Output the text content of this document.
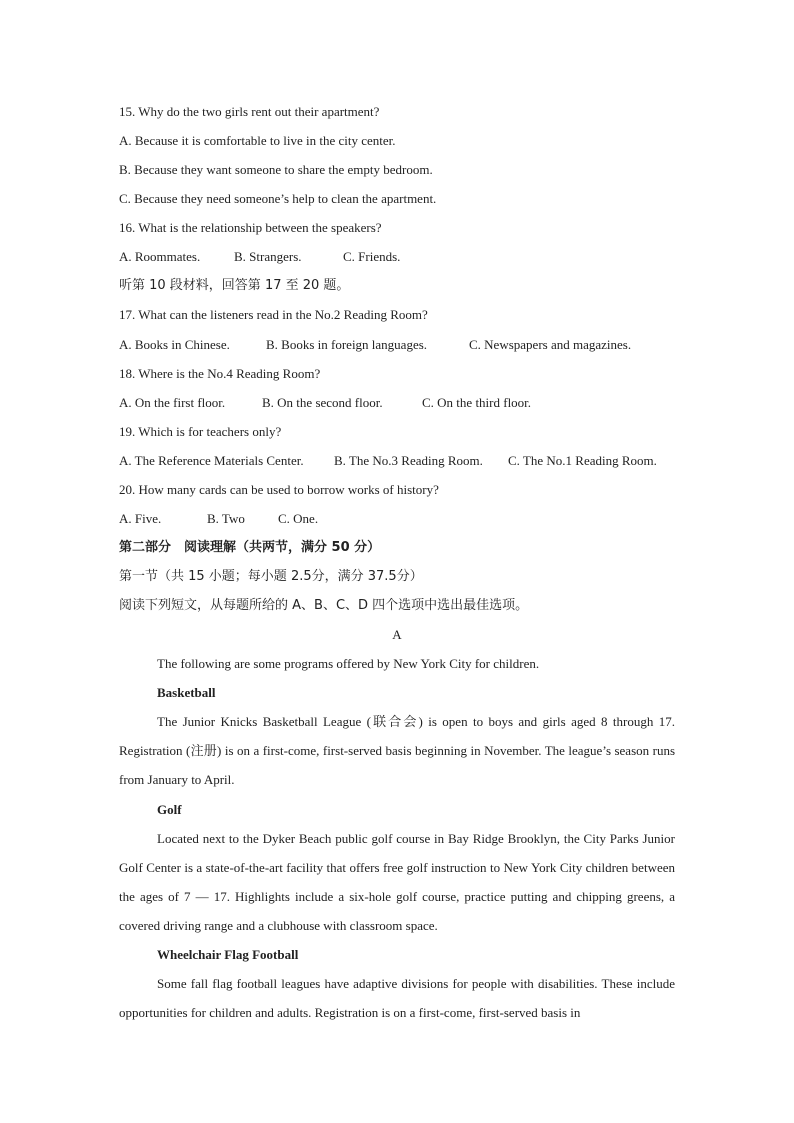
15. Why do the two girls rent out their apartment?
A. Because it is comfortable to live in the city center.
B. Because they want someone to share the empty bedroom.
C. Because they need someone’s help to clean the apartment.
16. What is the relationship between the speakers?
A. Roommates.	B. Strangers.	C. Friends.
听第 10 段材料，回答第 17 至 20 题。
17. What can the listeners read in the No.2 Reading Room?
A. Books in Chinese.	B. Books in foreign languages.	C. Newspapers and magazines.
18. Where is the No.4 Reading Room?
A. On the first floor.	B. On the second floor.	C. On the third floor.
19. Which is for teachers only?
A. The Reference Materials Center.	B. The No.3 Reading Room.	C. The No.1 Reading Room.
20. How many cards can be used to borrow works of history?
A. Five.	B. Two	C. One.
第二部分　阅读理解（共两节，满分 50 分）
第一节（共 15 小题；每小题 2.5分，满分 37.5分）
阅读下列短文，从每题所给的 A、B、C、D 四个选项中选出最佳选项。
A
The following are some programs offered by New York City for children.
Basketball
The Junior Knicks Basketball League (联合会) is open to boys and girls aged 8 through 17. Registration (注册) is on a first-come, first-served basis beginning in November. The league’s season runs from January to April.
Golf
Located next to the Dyker Beach public golf course in Bay Ridge Brooklyn, the City Parks Junior Golf Center is a state-of-the-art facility that offers free golf instruction to New York City children between the ages of 7 — 17. Highlights include a six-hole golf course, practice putting and chipping greens, a covered driving range and a clubhouse with classroom space.
Wheelchair Flag Football
Some fall flag football leagues have adaptive divisions for people with disabilities. These include opportunities for children and adults. Registration is on a first-come, first-served basis in
